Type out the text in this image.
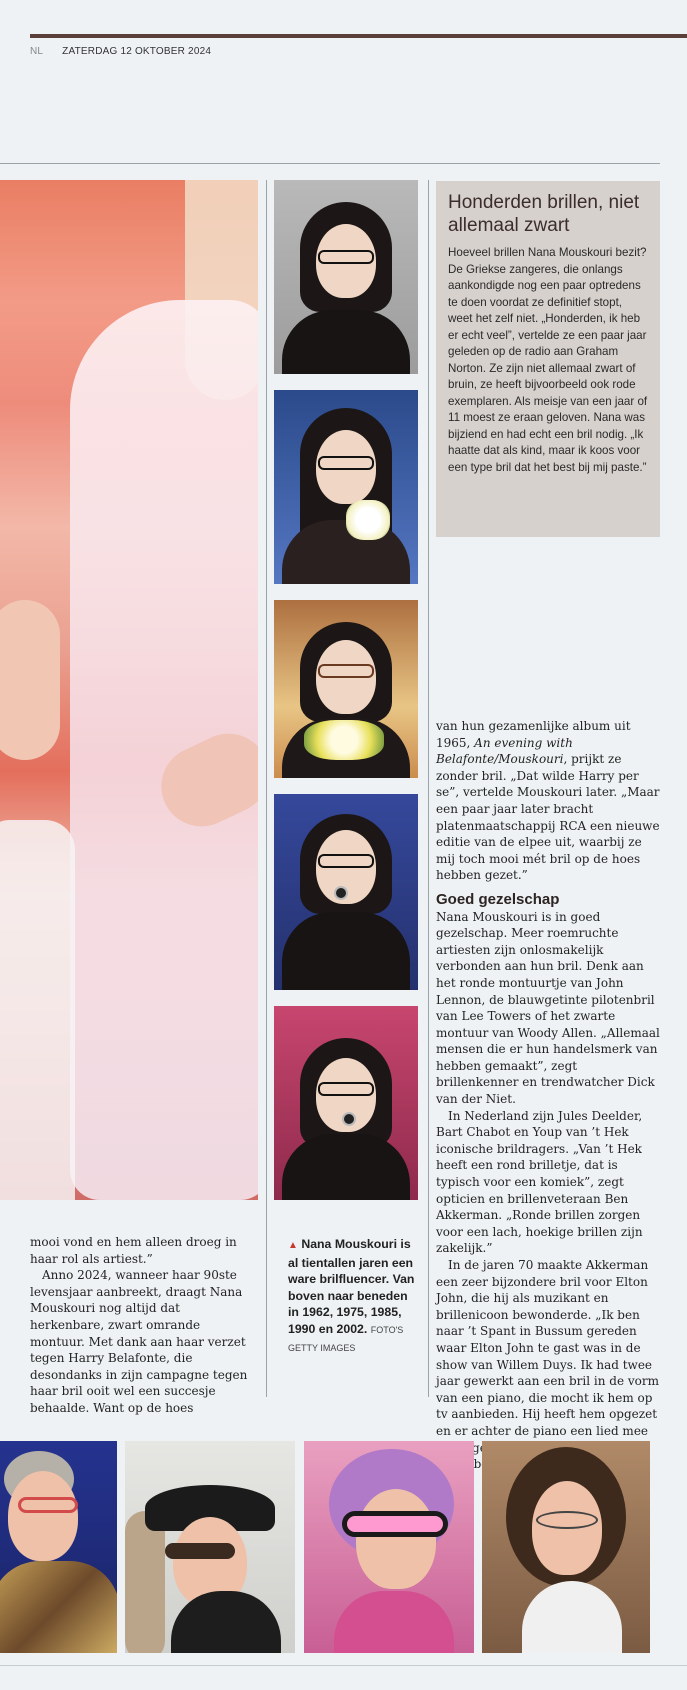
NL ZATERDAG 12 OKTOBER 2024
Honderden brillen, niet allemaal zwart

Hoeveel brillen Nana Mouskouri bezit? De Griekse zangeres, die onlangs aankondigde nog een paar optredens te doen voordat ze definitief stopt, weet het zelf niet. „Honderden, ik heb er echt veel”, vertelde ze een paar jaar geleden op de radio aan Graham Norton. Ze zijn niet allemaal zwart of bruin, ze heeft bijvoorbeeld ook rode exemplaren. Als meisje van een jaar of 11 moest ze eraan geloven. Nana was bijziend en had echt een bril nodig. „Ik haatte dat als kind, maar ik koos voor een type bril dat het best bij mij paste.”

van hun gezamenlijke album uit 1965, An evening with Belafonte/Mouskouri, prijkt ze zonder bril. „Dat wilde Harry per se”, vertelde Mouskouri later. „Maar een paar jaar later bracht platenmaatschappij RCA een nieuwe editie van de elpee uit, waarbij ze mij toch mooi mét bril op de hoes hebben gezet.”

Goed gezelschap

Nana Mouskouri is in goed gezelschap. Meer roemruchte artiesten zijn onlosmakelijk verbonden aan hun bril. Denk aan het ronde montuurtje van John Lennon, de blauwgetinte pilotenbril van Lee Towers of het zwarte montuur van Woody Allen. „Allemaal mensen die er hun handelsmerk van hebben gemaakt”, zegt brillenkenner en trendwatcher Dick van der Niet.

In Nederland zijn Jules Deelder, Bart Chabot en Youp van ’t Hek iconische brildragers. „Van ’t Hek heeft een rond brilletje, dat is typisch voor een komiek”, zegt opticien en brillenveteraan Ben Akkerman. „Ronde brillen zorgen voor een lach, hoekige brillen zijn zakelijk.”

In de jaren 70 maakte Akkerman een zeer bijzondere bril voor Elton John, die hij als muzikant en brillenicoon bewonderde. „Ik ben naar ’t Spant in Bussum gereden waar Elton John te gast was in de show van Willem Duys. Ik had twee jaar gewerkt aan een bril in de vorm van een piano, die mocht ik hem op tv aanbieden. Hij heeft hem opgezet en er achter de piano een lied mee

mooi vond en hem alleen droeg in haar rol als artiest.”

Anno 2024, wanneer haar 90ste levensjaar aanbreekt, draagt Nana Mouskouri nog altijd dat herkenbare, zwart omrande montuur. Met dank aan haar verzet tegen Harry Belafonte, die desondanks in zijn campagne tegen haar bril ooit wel een succesje behaalde. Want op de hoes

▲ Nana Mouskouri is al tientallen jaren een ware brilfluencer. Van boven naar beneden in 1962, 1975, 1985, 1990 en 2002. FOTO'S
GETTY IMAGES
